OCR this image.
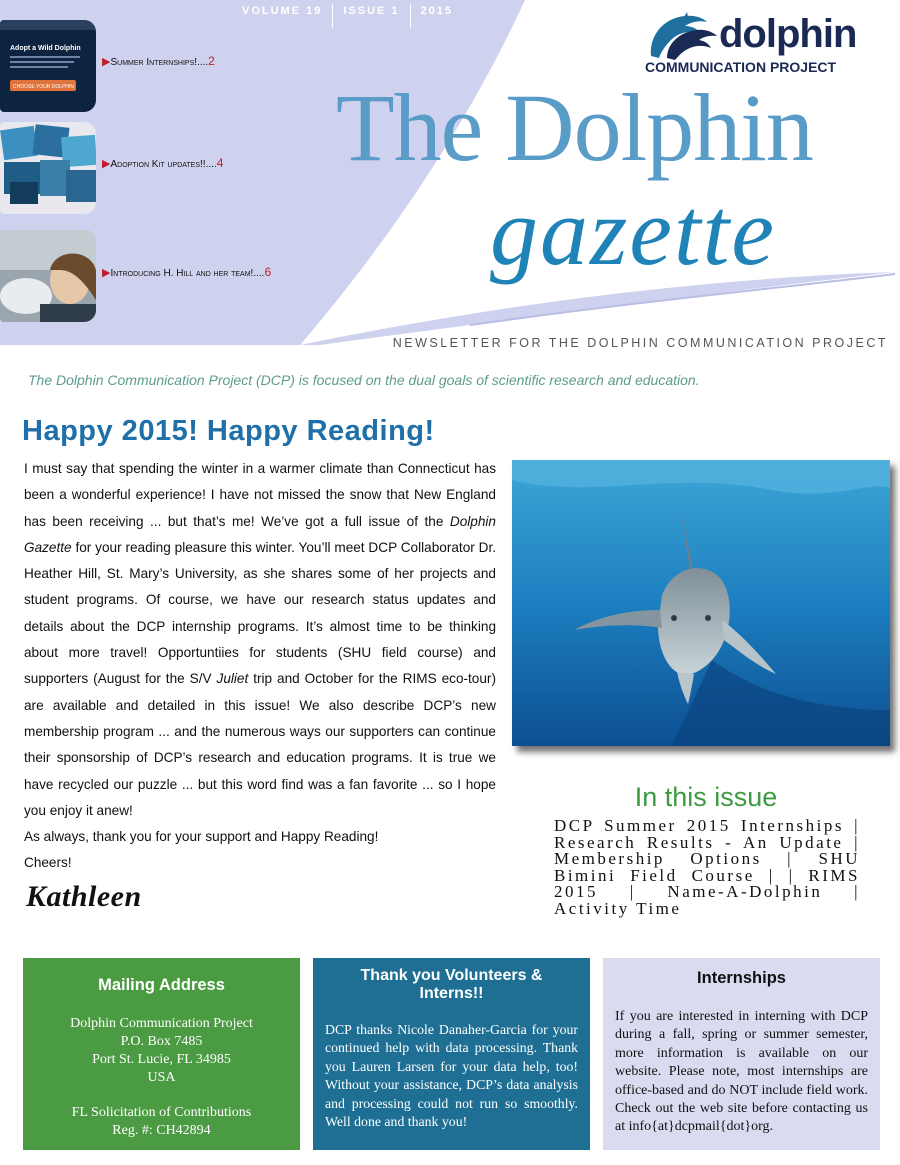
VOLUME 19	ISSUE 1	2015
Adopt a Wild Dolphin
CHOOSE YOUR DOLPHIN
▶Summer Internships!....2
▶Adoption Kit updates!!....4
▶Introducing H. Hill and her team!....6
dolphin
COMMUNICATION PROJECT
The Dolphin
gazette
NEWSLETTER FOR THE DOLPHIN COMMUNICATION PROJECT
The Dolphin Communication Project (DCP) is focused on the dual goals of scientific research and education.
Happy 2015! Happy Reading!

I must say that spending the winter in a warmer climate than Connecticut has been a wonderful experience! I have not missed the snow that New England has been receiving ... but that’s me! We’ve got a full issue of the Dolphin Gazette for your reading pleasure this winter. You’ll meet DCP Collaborator Dr. Heather Hill, St. Mary’s University, as she shares some of her projects and student programs. Of course, we have our research status updates and details about the DCP internship programs. It’s almost time to be thinking about more travel! Opportuntiies for students (SHU field course) and supporters (August for the S/V Juliet trip and October for the RIMS eco-tour) are available and detailed in this issue! We also describe DCP’s new membership program ... and the numerous ways our supporters can continue their sponsorship of DCP’s research and education programs. It is true we have recycled our puzzle ... but this word find was a fan favorite ... so I hope you enjoy it anew!

As always, thank you for your support and Happy Reading!

Cheers!

Kathleen
In this issue
DCP Summer 2015 Internships | Research Results - An Update | Membership Options | SHU Bimini Field Course | | RIMS 2015 | Name-A-Dolphin | Activity Time
Mailing Address
Dolphin Communication Project
P.O. Box 7485
Port St. Lucie, FL 34985
USA
FL Solicitation of Contributions
Reg. #: CH42894
Thank you Volunteers &
Interns!!

DCP thanks Nicole Danaher-Garcia for your continued help with data processing. Thank you Lauren Larsen for your data help, too! Without your assistance, DCP’s data analysis and processing could not run so smoothly. Well done and thank you!

Internships

If you are interested in interning with DCP during a fall, spring or summer semester, more information is available on our website. Please note, most internships are office-based and do NOT include field work. Check out the web site before contacting us at info{at}dcpmail{dot}org.
